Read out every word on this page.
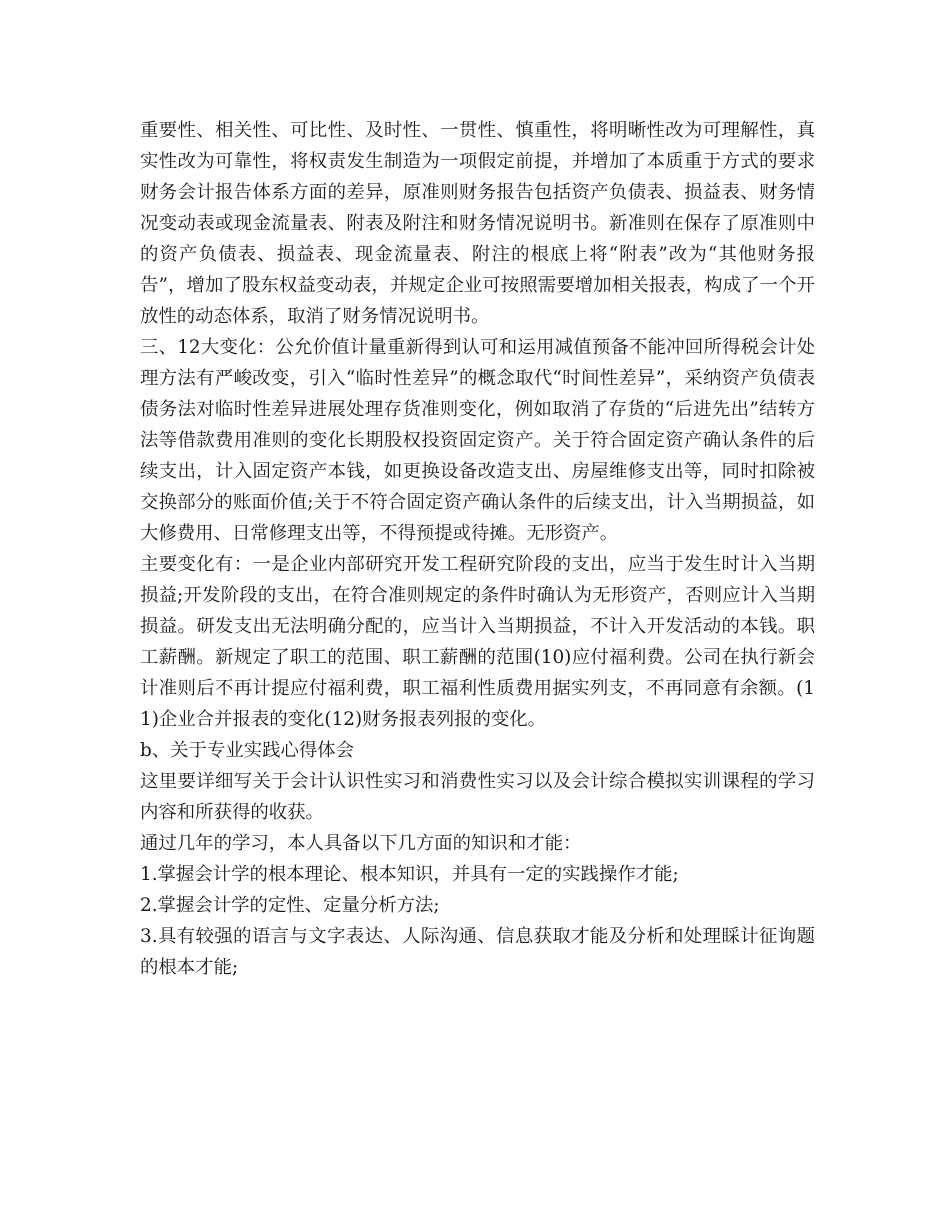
重要性、相关性、可比性、及时性、一贯性、慎重性，将明晰性改为可理解性，真实性改为可靠性，将权责发生制造为一项假定前提，并增加了本质重于方式的要求财务会计报告体系方面的差异，原准则财务报告包括资产负债表、损益表、财务情况变动表或现金流量表、附表及附注和财务情况说明书。新准则在保存了原准则中的资产负债表、损益表、现金流量表、附注的根底上将“附表”改为“其他财务报告”，增加了股东权益变动表，并规定企业可按照需要增加相关报表，构成了一个开放性的动态体系，取消了财务情况说明书。

三、12大变化：公允价值计量重新得到认可和运用减值预备不能冲回所得税会计处理方法有严峻改变，引入“临时性差异”的概念取代“时间性差异”，采纳资产负债表债务法对临时性差异进展处理存货准则变化，例如取消了存货的“后进先出”结转方法等借款费用准则的变化长期股权投资固定资产。关于符合固定资产确认条件的后续支出，计入固定资产本钱，如更换设备改造支出、房屋维修支出等，同时扣除被交换部分的账面价值;关于不符合固定资产确认条件的后续支出，计入当期损益，如大修费用、日常修理支出等，不得预提或待摊。无形资产。

主要变化有：一是企业内部研究开发工程研究阶段的支出，应当于发生时计入当期损益;开发阶段的支出，在符合准则规定的条件时确认为无形资产，否则应计入当期损益。研发支出无法明确分配的，应当计入当期损益，不计入开发活动的本钱。职工薪酬。新规定了职工的范围、职工薪酬的范围(10)应付福利费。公司在执行新会计准则后不再计提应付福利费，职工福利性质费用据实列支，不再同意有余额。(11)企业合并报表的变化(12)财务报表列报的变化。

b、关于专业实践心得体会

这里要详细写关于会计认识性实习和消费性实习以及会计综合模拟实训课程的学习内容和所获得的收获。

通过几年的学习，本人具备以下几方面的知识和才能：

1.掌握会计学的根本理论、根本知识，并具有一定的实践操作才能;

2.掌握会计学的定性、定量分析方法;

3.具有较强的语言与文字表达、人际沟通、信息获取才能及分析和处理睬计征询题的根本才能;
